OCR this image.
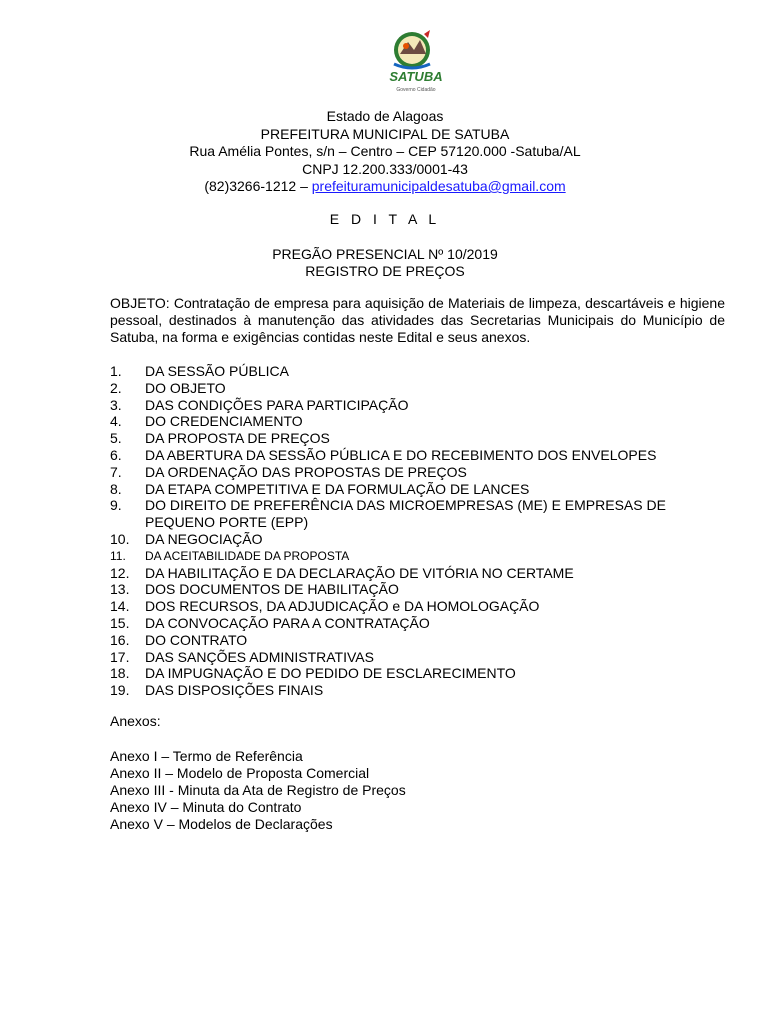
SATUBA
Governo Cidadão
Estado de Alagoas
PREFEITURA MUNICIPAL DE SATUBA
Rua Amélia Pontes, s/n – Centro – CEP 57120.000 -Satuba/AL
CNPJ 12.200.333/0001-43
(82)3266-1212 – prefeituramunicipaldesatuba@gmail.com
E D I T A L
PREGÃO PRESENCIAL Nº 10/2019
REGISTRO DE PREÇOS
OBJETO: Contratação de empresa para aquisição de Materiais de limpeza, descartáveis e higiene pessoal, destinados à manutenção das atividades das Secretarias Municipais do Município de Satuba, na forma e exigências contidas neste Edital e seus anexos.
1.	DA SESSÃO PÚBLICA
2.	DO OBJETO
3.	DAS CONDIÇÕES PARA PARTICIPAÇÃO
4.	DO CREDENCIAMENTO
5.	DA PROPOSTA DE PREÇOS
6.	DA ABERTURA DA SESSÃO PÚBLICA E DO RECEBIMENTO DOS ENVELOPES
7.	DA ORDENAÇÃO DAS PROPOSTAS DE PREÇOS
8.	DA ETAPA COMPETITIVA E DA FORMULAÇÃO DE LANCES
9.	DO DIREITO DE PREFERÊNCIA DAS MICROEMPRESAS (ME) E EMPRESAS DE PEQUENO PORTE (EPP)
10.	DA NEGOCIAÇÃO
11.	DA ACEITABILIDADE DA PROPOSTA
12.	DA HABILITAÇÃO E DA DECLARAÇÃO DE VITÓRIA NO CERTAME
13.	DOS DOCUMENTOS DE HABILITAÇÃO
14.	DOS RECURSOS, DA ADJUDICAÇÃO e DA HOMOLOGAÇÃO
15.	DA CONVOCAÇÃO PARA A CONTRATAÇÃO
16.	DO CONTRATO
17.	DAS SANÇÕES ADMINISTRATIVAS
18.	DA IMPUGNAÇÃO E DO PEDIDO DE ESCLARECIMENTO
19.	DAS DISPOSIÇÕES FINAIS
Anexos:
Anexo I – Termo de Referência
Anexo II – Modelo de Proposta Comercial
Anexo III - Minuta da Ata de Registro de Preços
Anexo IV – Minuta do Contrato
Anexo V – Modelos de Declarações
